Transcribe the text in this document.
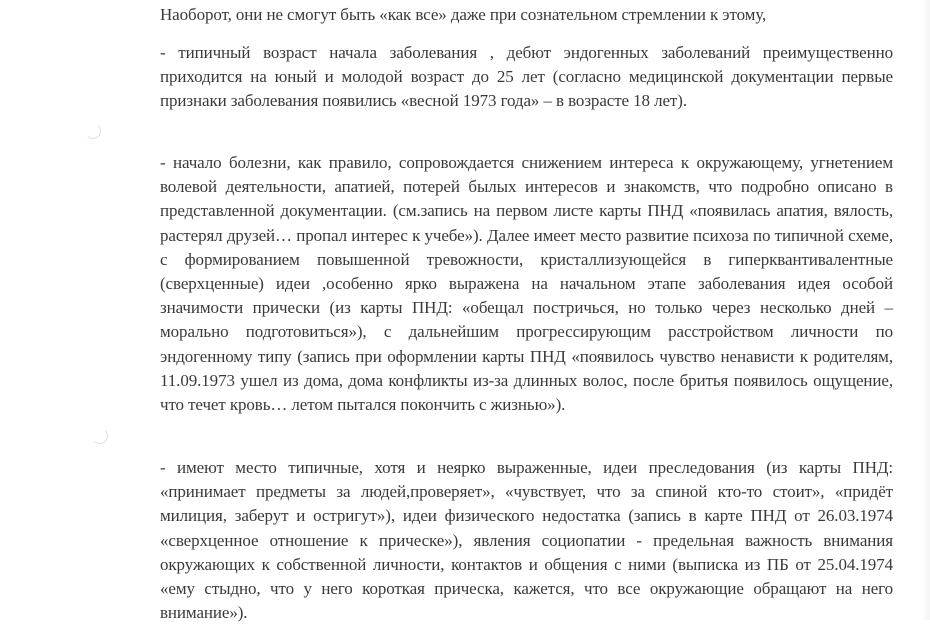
Наоборот, они не смогут быть «как все» даже при сознательном стремлении к этому,

- типичный возраст начала заболевания , дебют эндогенных заболеваний преимущественно приходится на юный и молодой возраст до 25 лет (согласно медицинской документации первые признаки заболевания появились «весной 1973 года» – в возрасте 18 лет).

- начало болезни, как правило, сопровождается снижением интереса к окружающему, угнетением волевой деятельности, апатией, потерей былых интересов и знакомств, что подробно описано в представленной документации. (см.запись на первом листе карты ПНД «появилась апатия, вялость, растерял друзей… пропал интерес к учебе»). Далее имеет место развитие психоза по типичной схеме, с формированием повышенной тревожности, кристаллизующейся в гиперквантивалентные (сверхценные) идеи ,особенно ярко выражена на начальном этапе заболевания идея особой значимости прически (из карты ПНД: «обещал постричься, но только через несколько дней – морально подготовиться»), с дальнейшим прогрессирующим расстройством личности по эндогенному типу (запись при оформлении карты ПНД «появилось чувство ненависти к родителям, 11.09.1973 ушел из дома, дома конфликты из-за длинных волос, после бритья появилось ощущение, что течет кровь… летом пытался покончить с жизнью»).

- имеют место типичные, хотя и неярко выраженные, идеи преследования (из карты ПНД: «принимает предметы за людей,проверяет», «чувствует, что за спиной кто-то стоит», «придёт милиция, заберут и остригут»), идеи физического недостатка (запись в карте ПНД от 26.03.1974 «сверхценное отношение к прическе»), явления социопатии - предельная важность внимания окружающих к собственной личности, контактов и общения с ними (выписка из ПБ от 25.04.1974 «ему стыдно, что у него короткая прическа, кажется, что все окружающие обращают на него внимание»).
